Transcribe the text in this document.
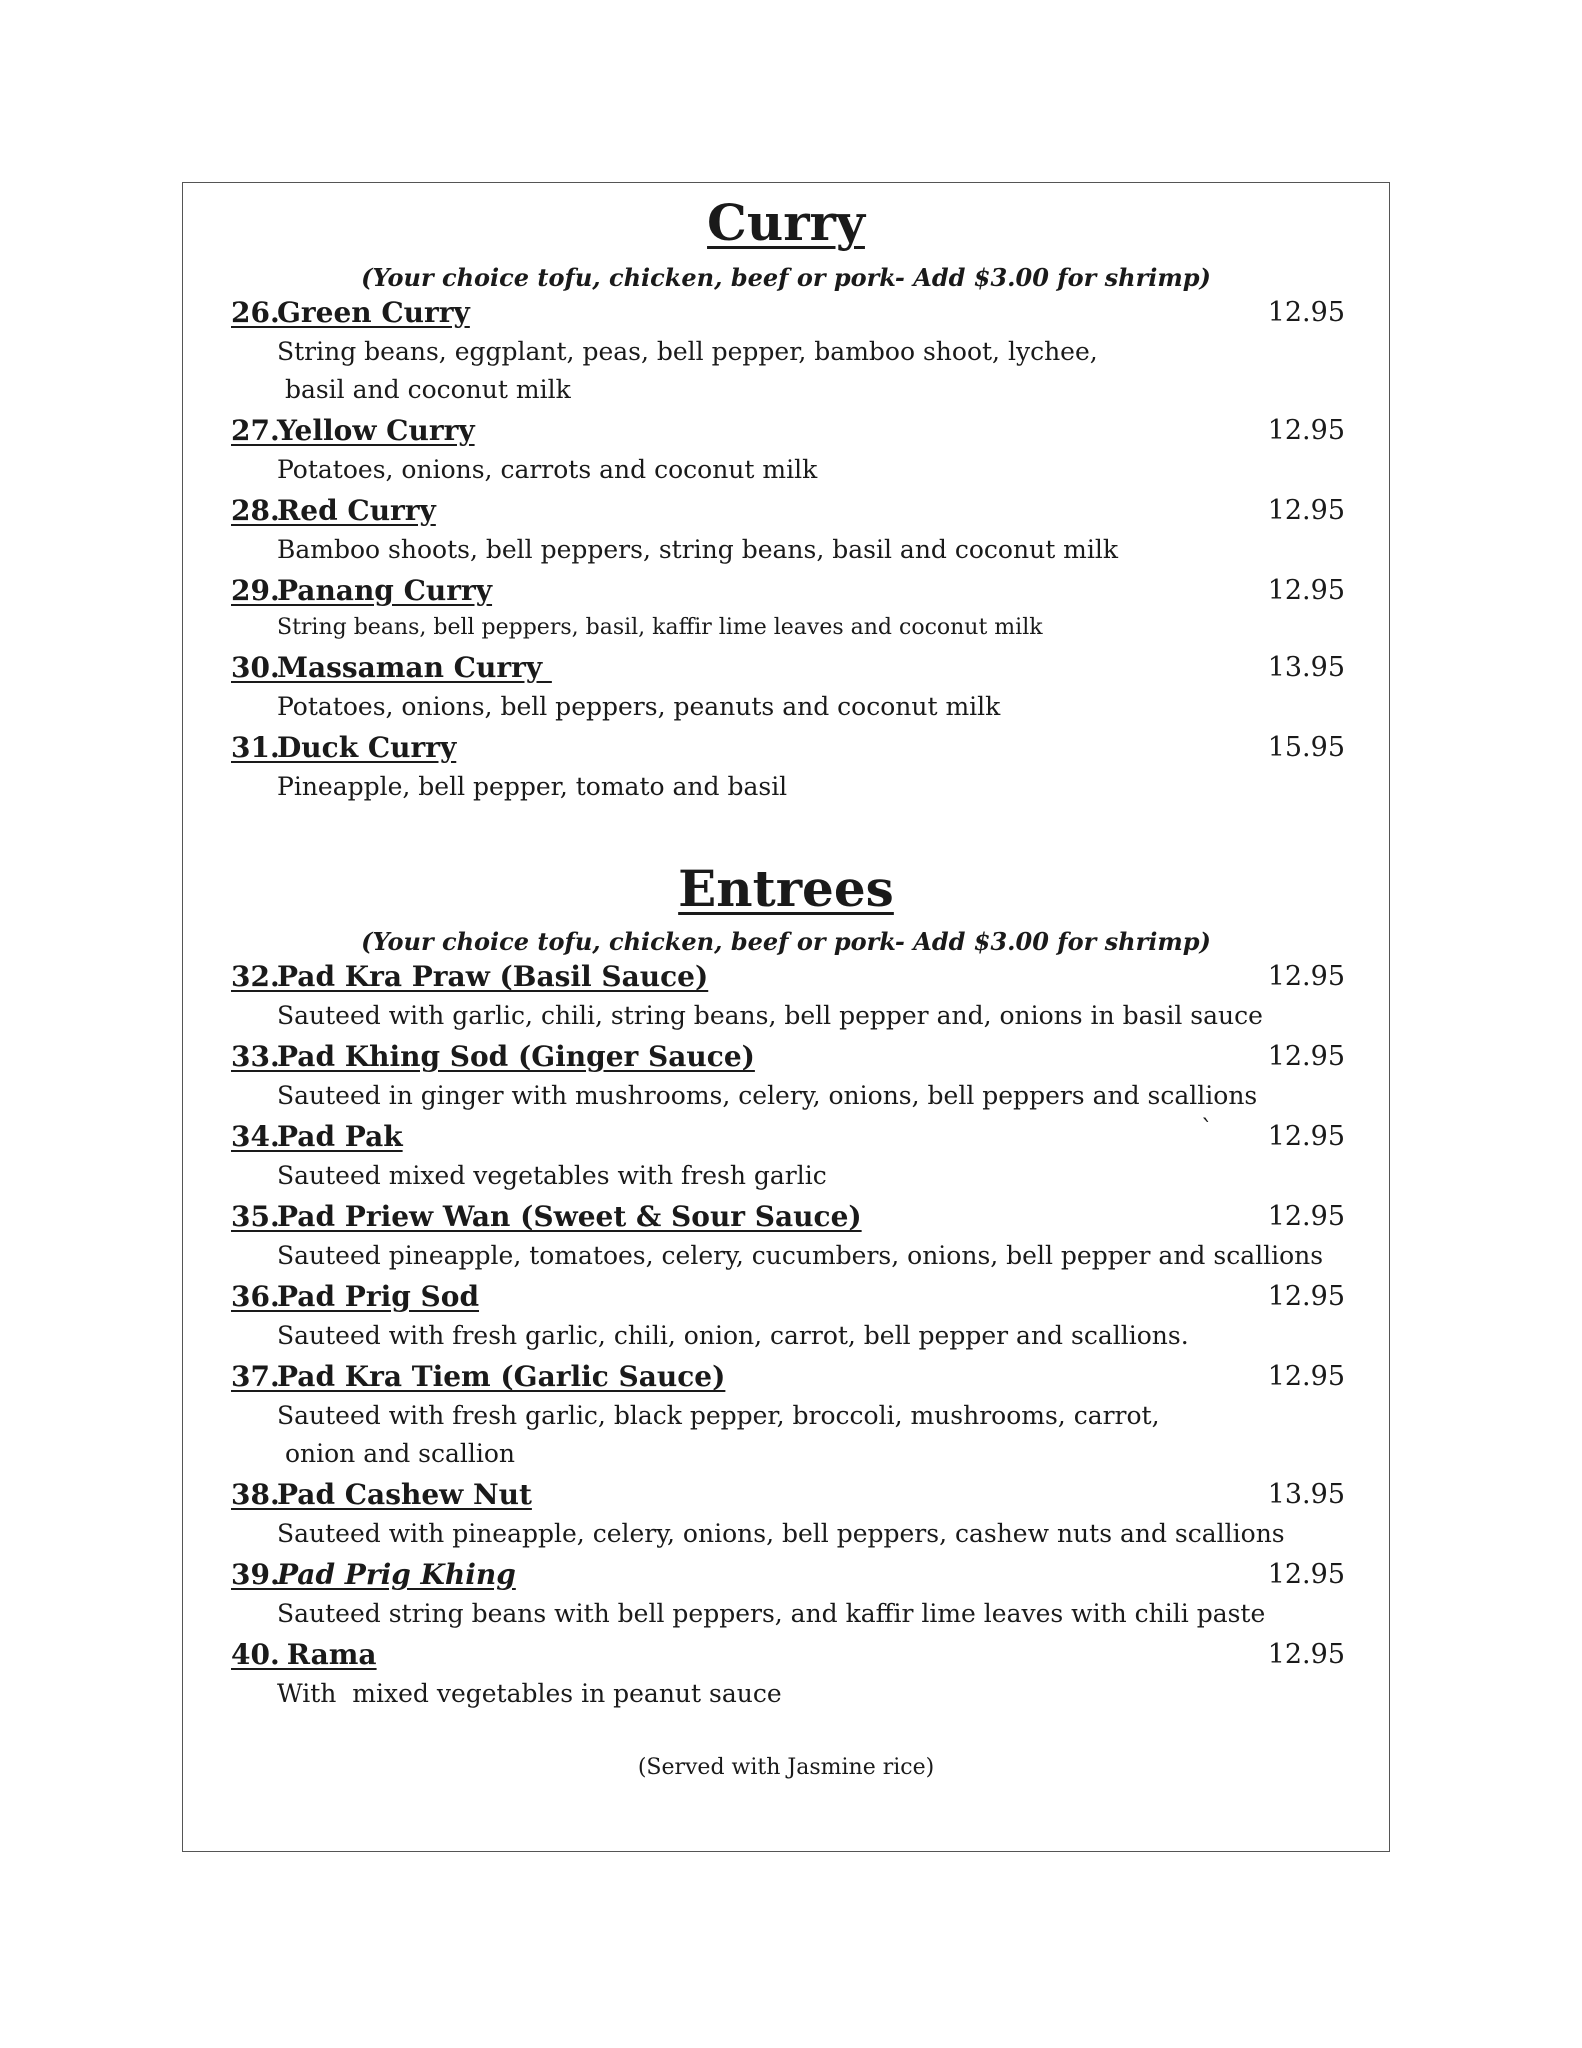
Curry
(Your choice tofu, chicken, beef or pork- Add $3.00 for shrimp)
26.
Green Curry	12.95
String beans, eggplant, peas, bell pepper, bamboo shoot, lychee,
basil and coconut milk
27.
Yellow Curry	12.95
Potatoes, onions, carrots and coconut milk
28.
Red Curry	12.95
Bamboo shoots, bell peppers, string beans, basil and coconut milk
29.
Panang Curry	12.95
String beans, bell peppers, basil, kaffir lime leaves and coconut milk
30.
Massaman Curry	13.95
Potatoes, onions, bell peppers, peanuts and coconut milk
31.
Duck Curry	15.95
Pineapple, bell pepper, tomato and basil
Entrees
(Your choice tofu, chicken, beef or pork- Add $3.00 for shrimp)
32.
Pad Kra Praw (Basil Sauce)	12.95
Sauteed with garlic, chili, string beans, bell pepper and, onions in basil sauce
33.
Pad Khing Sod (Ginger Sauce)	12.95
Sauteed in ginger with mushrooms, celery, onions, bell peppers and scallions
34.
Pad Pak	12.95
`
Sauteed mixed vegetables with fresh garlic
35.
Pad Priew Wan (Sweet & Sour Sauce)	12.95
Sauteed pineapple, tomatoes, celery, cucumbers, onions, bell pepper and scallions
36.
Pad Prig Sod	12.95
Sauteed with fresh garlic, chili, onion, carrot, bell pepper and scallions.
37.
Pad Kra Tiem (Garlic Sauce)	12.95
Sauteed with fresh garlic, black pepper, broccoli, mushrooms, carrot,
onion and scallion
38.
Pad Cashew Nut	13.95
Sauteed with pineapple, celery, onions, bell peppers, cashew nuts and scallions
39.
Pad Prig Khing	12.95
Sauteed string beans with bell peppers, and kaffir lime leaves with chili paste
40.
Rama	12.95
With  mixed vegetables in peanut sauce
(Served with Jasmine rice)
